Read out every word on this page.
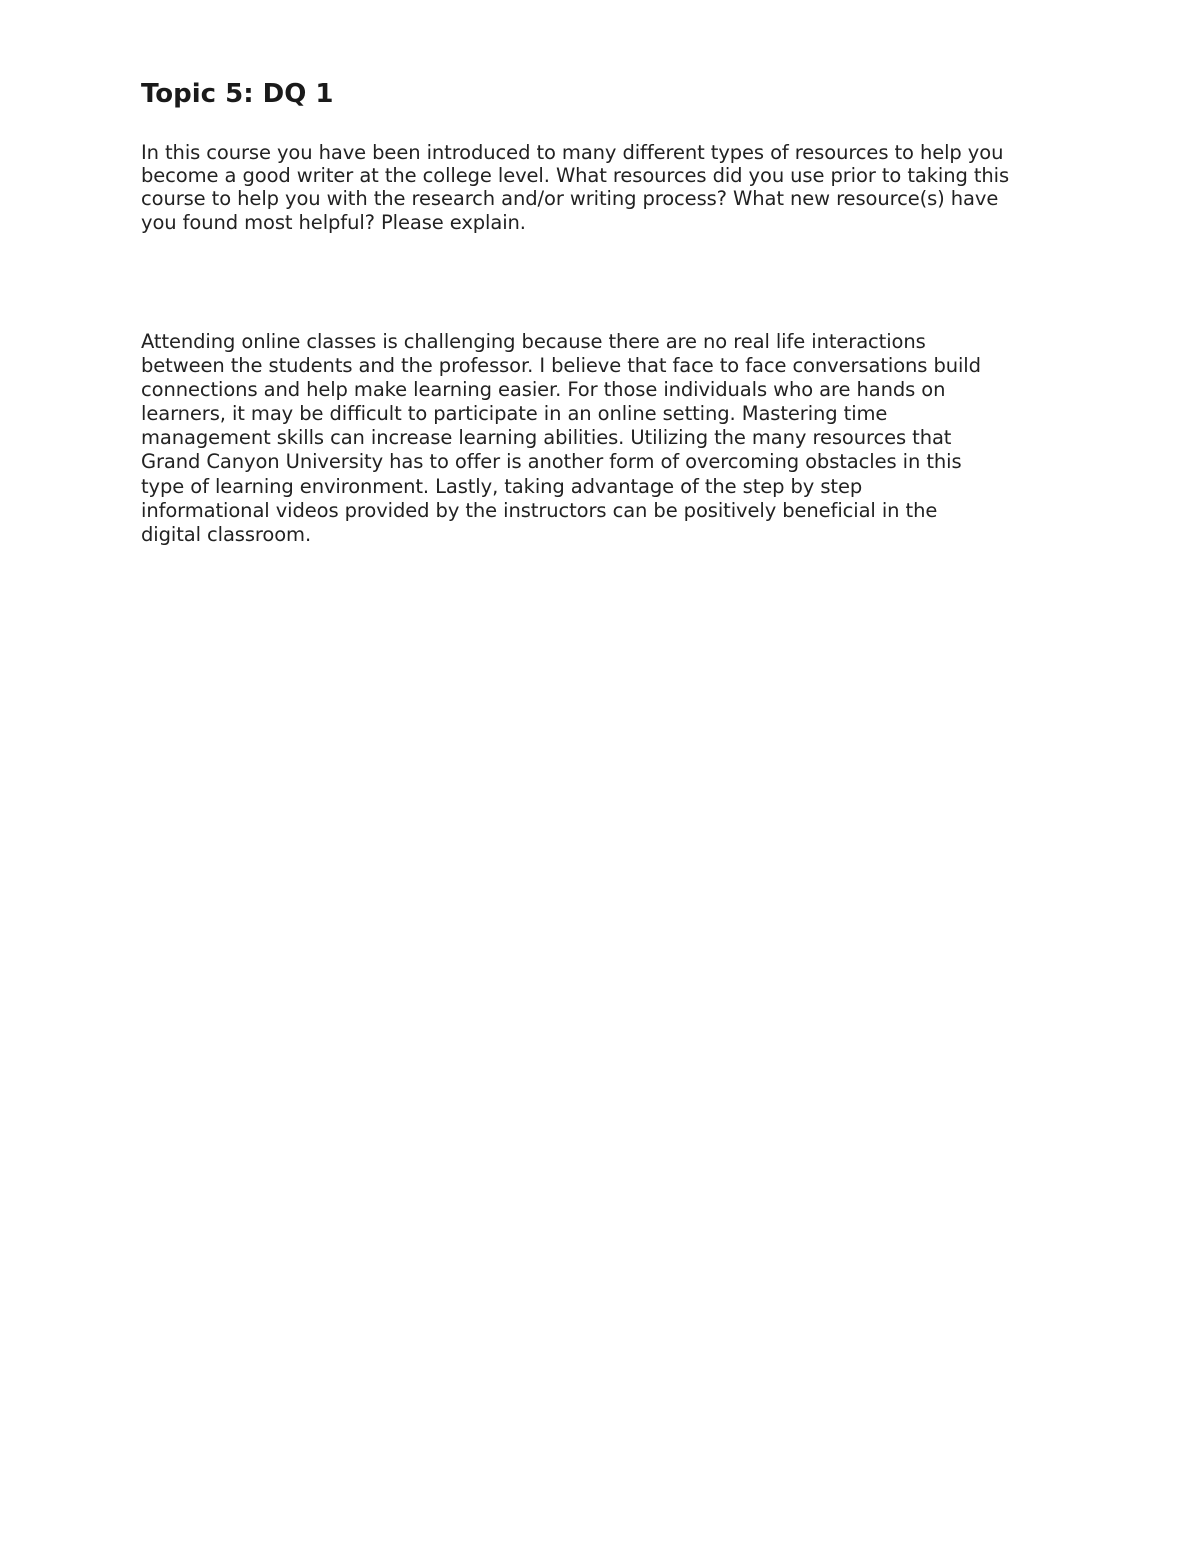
Topic 5: DQ 1

In this course you have been introduced to many different types of resources to help you
become a good writer at the college level. What resources did you use prior to taking this
course to help you with the research and/or writing process? What new resource(s) have
you found most helpful? Please explain.

Attending online classes is challenging because there are no real life interactions
between the students and the professor. I believe that face to face conversations build
connections and help make learning easier. For those individuals who are hands on
learners, it may be difficult to participate in an online setting. Mastering time
management skills can increase learning abilities. Utilizing the many resources that
Grand Canyon University has to offer is another form of overcoming obstacles in this
type of learning environment. Lastly, taking advantage of the step by step
informational videos provided by the instructors can be positively beneficial in the
digital classroom.
